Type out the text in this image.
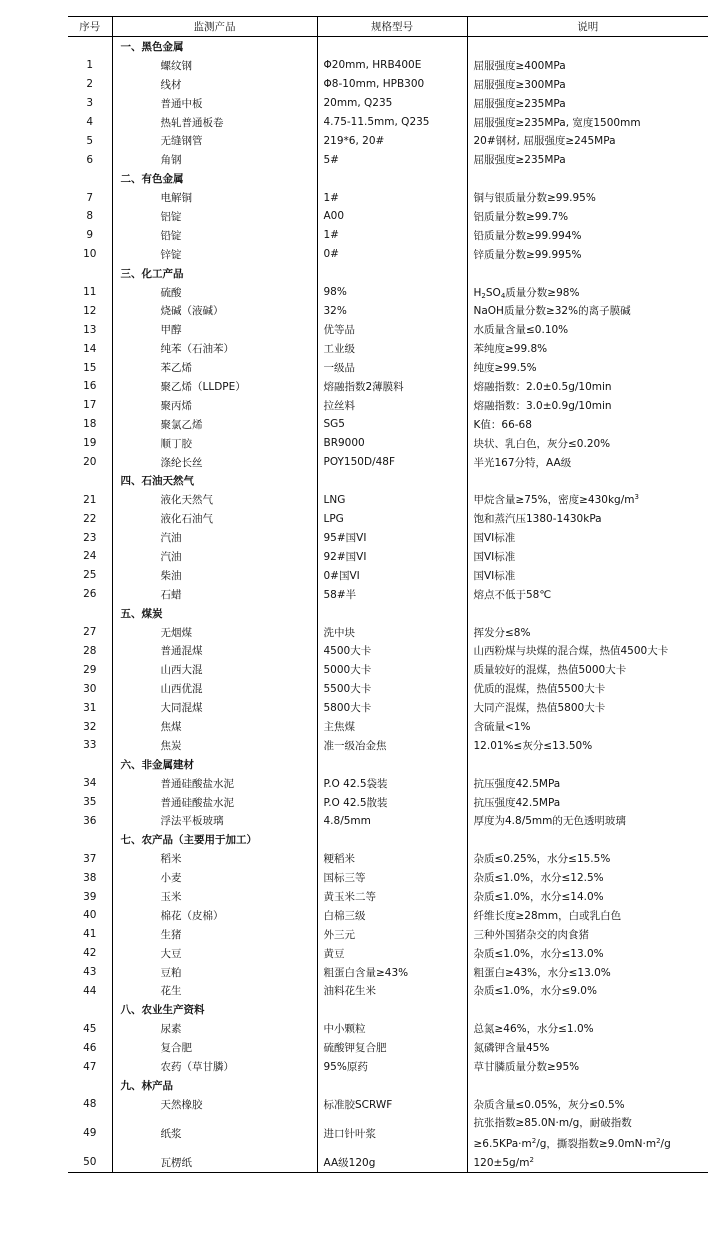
序号	监测产品	规格型号	说明
	一、黑色金属		
1	螺纹钢	Φ20mm, HRB400E	屈服强度≥400MPa
2	线材	Φ8-10mm, HPB300	屈服强度≥300MPa
3	普通中板	20mm, Q235	屈服强度≥235MPa
4	热轧普通板卷	4.75-11.5mm, Q235	屈服强度≥235MPa, 宽度1500mm
5	无缝钢管	219*6, 20#	20#钢材, 屈服强度≥245MPa
6	角钢	5#	屈服强度≥235MPa
	二、有色金属		
7	电解铜	1#	铜与银质量分数≥99.95%
8	铝锭	A00	铝质量分数≥99.7%
9	铅锭	1#	铅质量分数≥99.994%
10	锌锭	0#	锌质量分数≥99.995%
	三、化工产品		
11	硫酸	98%	$H_2SO_4$质量分数≥98%
12	烧碱（液碱）	32%	NaOH质量分数≥32%的离子膜碱
13	甲醇	优等品	水质量含量≤0.10%
14	纯苯（石油苯）	工业级	苯纯度≥99.8%
15	苯乙烯	一级品	纯度≥99.5%
16	聚乙烯（LLDPE）	熔融指数2薄膜料	熔融指数：2.0±0.5g/10min
17	聚丙烯	拉丝料	熔融指数：3.0±0.9g/10min
18	聚氯乙烯	SG5	K值：66-68
19	顺丁胶	BR9000	块状、乳白色，灰分≤0.20%
20	涤纶长丝	POY150D/48F	半光167分特，AA级
	四、石油天然气		
21	液化天然气	LNG	甲烷含量≥75%，密度$\ge 430kg/m^3$
22	液化石油气	LPG	饱和蒸汽压1380-1430kPa
23	汽油	95#国VI	国VI标准
24	汽油	92#国VI	国VI标准
25	柴油	0#国VI	国VI标准
26	石蜡	58#半	熔点不低于58℃
	五、煤炭		
27	无烟煤	洗中块	挥发分≤8%
28	普通混煤	4500大卡	山西粉煤与块煤的混合煤，热值4500大卡
29	山西大混	5000大卡	质量较好的混煤，热值5000大卡
30	山西优混	5500大卡	优质的混煤，热值5500大卡
31	大同混煤	5800大卡	大同产混煤，热值5800大卡
32	焦煤	主焦煤	含硫量<1%
33	焦炭	准一级冶金焦	12.01%≤灰分≤13.50%
	六、非金属建材		
34	普通硅酸盐水泥	P.O 42.5袋装	抗压强度42.5MPa
35	普通硅酸盐水泥	P.O 42.5散装	抗压强度42.5MPa
36	浮法平板玻璃	4.8/5mm	厚度为4.8/5mm的无色透明玻璃
	七、农产品（主要用于加工）		
37	稻米	粳稻米	杂质≤0.25%，水分≤15.5%
38	小麦	国标三等	杂质≤1.0%，水分≤12.5%
39	玉米	黄玉米二等	杂质≤1.0%，水分≤14.0%
40	棉花（皮棉）	白棉三级	纤维长度≥28mm，白或乳白色
41	生猪	外三元	三种外国猪杂交的肉食猪
42	大豆	黄豆	杂质≤1.0%，水分≤13.0%
43	豆粕	粗蛋白含量≥43%	粗蛋白≥43%，水分≤13.0%
44	花生	油料花生米	杂质≤1.0%，水分≤9.0%
	八、农业生产资料		
45	尿素	中小颗粒	总氮≥46%，水分≤1.0%
46	复合肥	硫酸钾复合肥	氮磷钾含量45%
47	农药（草甘膦）	95%原药	草甘膦质量分数≥95%
	九、林产品		
48	天然橡胶	标准胶SCRWF	杂质含量≤0.05%，灰分≤0.5%
49	纸浆	进口针叶浆	抗张指数≥85.0N·m/g，耐破指数$\ge 6.5KPa\cdot m^2/g$，撕裂指数$\ge 9.0mN\cdot m^2/g$
50	瓦楞纸	AA级120g	$120\pm 5g/m^2$
